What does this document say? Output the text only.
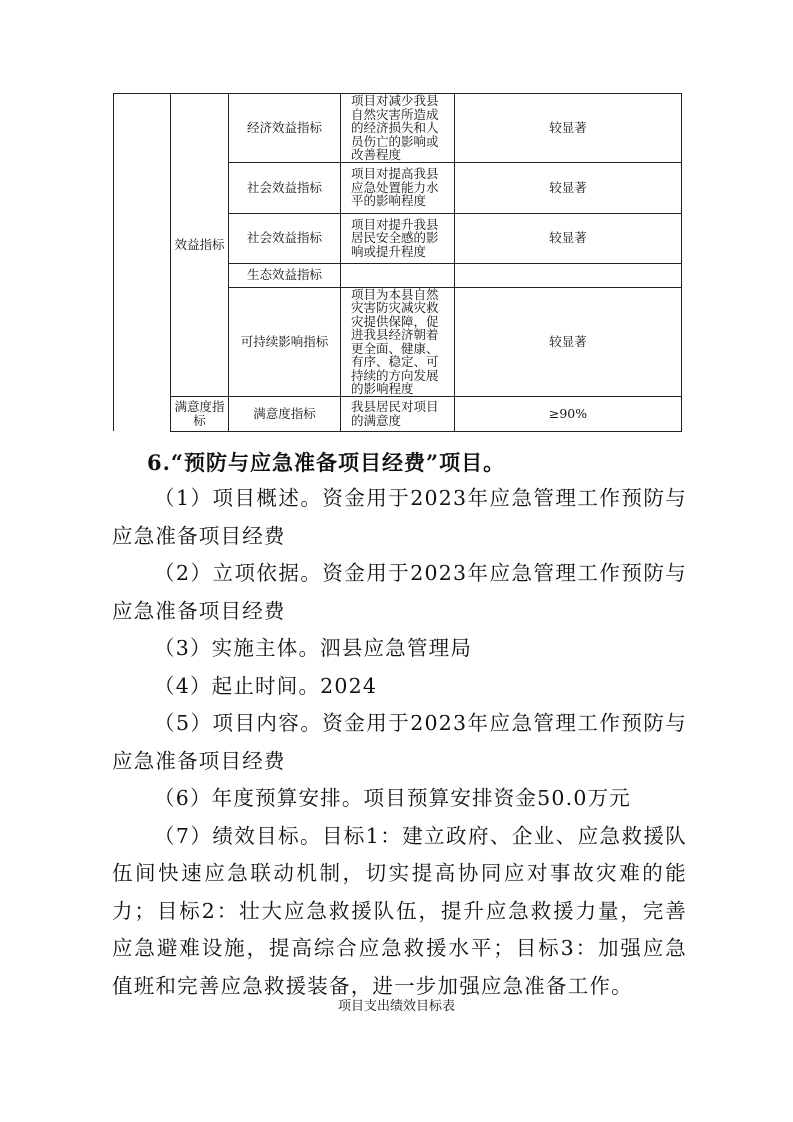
	效益指标	经济效益指标	项目对减少我县自然灾害所造成的经济损失和人员伤亡的影响或改善程度	较显著
		社会效益指标	项目对提高我县应急处置能力水平的影响程度	较显著
		社会效益指标	项目对提升我县居民安全感的影响或提升程度	较显著
		生态效益指标		
		可持续影响指标	项目为本县自然灾害防灾减灾救灾提供保障，促进我县经济朝着更全面、健康、有序、稳定、可持续的方向发展的影响程度	较显著
	满意度指标	满意度指标	我县居民对项目的满意度	≥90%
6.“预防与应急准备项目经费”项目。

（1）项目概述。资金用于2023年应急管理工作预防与应急准备项目经费

（2）立项依据。资金用于2023年应急管理工作预防与应急准备项目经费

（3）实施主体。泗县应急管理局

（4）起止时间。2024

（5）项目内容。资金用于2023年应急管理工作预防与应急准备项目经费

（6）年度预算安排。项目预算安排资金50.0万元

（7）绩效目标。目标1：建立政府、企业、应急救援队伍间快速应急联动机制，切实提高协同应对事故灾难的能力；目标2：壮大应急救援队伍，提升应急救援力量，完善应急避难设施，提高综合应急救援水平；目标3：加强应急值班和完善应急救援装备，进一步加强应急准备工作。

项目支出绩效目标表
